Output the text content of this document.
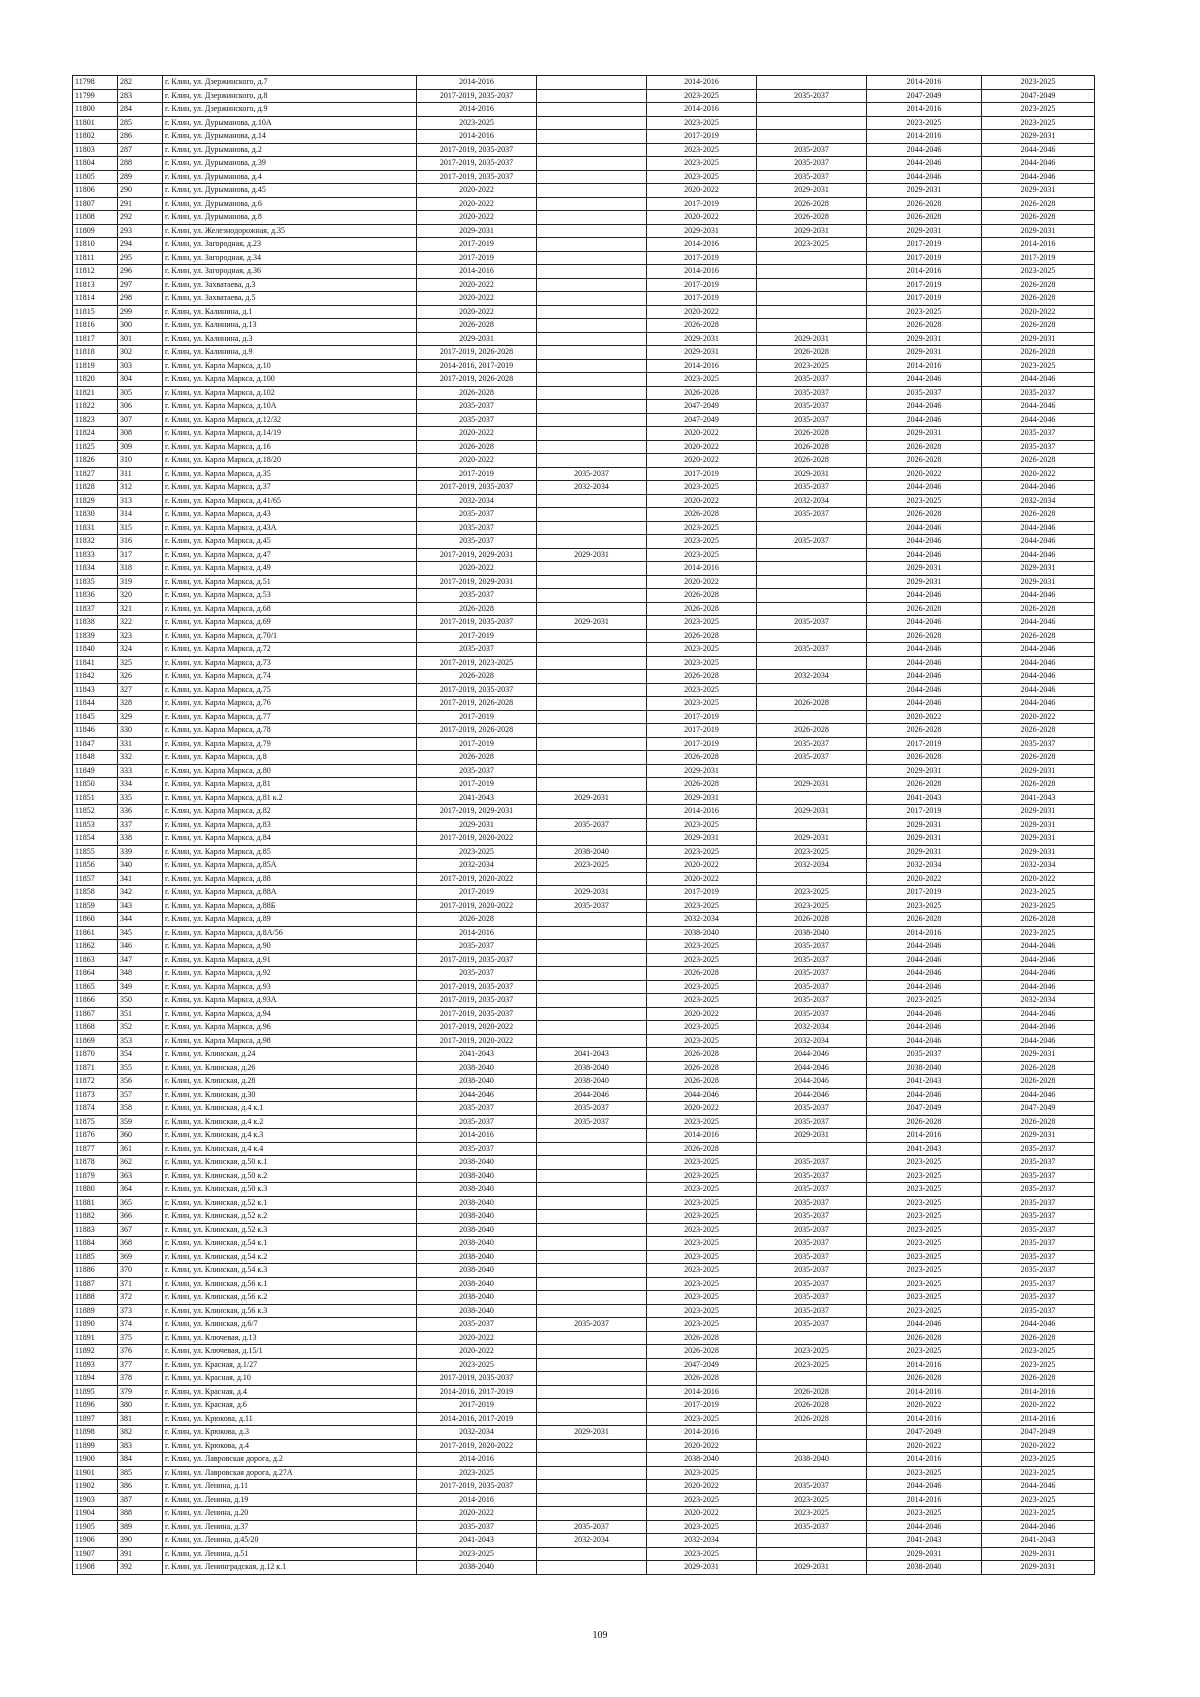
11798	282	г. Клин, ул. Дзержинского, д.7	2014-2016		2014-2016		2014-2016	2023-2025
11799	283	г. Клин, ул. Дзержинского, д.8	2017-2019, 2035-2037		2023-2025	2035-2037	2047-2049	2047-2049
11800	284	г. Клин, ул. Дзержинского, д.9	2014-2016		2014-2016		2014-2016	2023-2025
11801	285	г. Клин, ул. Дурыманова, д.10А	2023-2025		2023-2025		2023-2025	2023-2025
11802	286	г. Клин, ул. Дурыманова, д.14	2014-2016		2017-2019		2014-2016	2029-2031
11803	287	г. Клин, ул. Дурыманова, д.2	2017-2019, 2035-2037		2023-2025	2035-2037	2044-2046	2044-2046
11804	288	г. Клин, ул. Дурыманова, д.39	2017-2019, 2035-2037		2023-2025	2035-2037	2044-2046	2044-2046
11805	289	г. Клин, ул. Дурыманова, д.4	2017-2019, 2035-2037		2023-2025	2035-2037	2044-2046	2044-2046
11806	290	г. Клин, ул. Дурыманова, д.45	2020-2022		2020-2022	2029-2031	2029-2031	2029-2031
11807	291	г. Клин, ул. Дурыманова, д.6	2020-2022		2017-2019	2026-2028	2026-2028	2026-2028
11808	292	г. Клин, ул. Дурыманова, д.8	2020-2022		2020-2022	2026-2028	2026-2028	2026-2028
11809	293	г. Клин, ул. Железнодорожная, д.35	2029-2031		2029-2031	2029-2031	2029-2031	2029-2031
11810	294	г. Клин, ул. Загородная, д.23	2017-2019		2014-2016	2023-2025	2017-2019	2014-2016
11811	295	г. Клин, ул. Загородная, д.34	2017-2019		2017-2019		2017-2019	2017-2019
11812	296	г. Клин, ул. Загородная, д.36	2014-2016		2014-2016		2014-2016	2023-2025
11813	297	г. Клин, ул. Захватаева, д.3	2020-2022		2017-2019		2017-2019	2026-2028
11814	298	г. Клин, ул. Захватаева, д.5	2020-2022		2017-2019		2017-2019	2026-2028
11815	299	г. Клин, ул. Калинина, д.1	2020-2022		2020-2022		2023-2025	2020-2022
11816	300	г. Клин, ул. Калинина, д.13	2026-2028		2026-2028		2026-2028	2026-2028
11817	301	г. Клин, ул. Калинина, д.3	2029-2031		2029-2031	2029-2031	2029-2031	2029-2031
11818	302	г. Клин, ул. Калинина, д.9	2017-2019, 2026-2028		2029-2031	2026-2028	2029-2031	2026-2028
11819	303	г. Клин, ул. Карла Маркса, д.10	2014-2016, 2017-2019		2014-2016	2023-2025	2014-2016	2023-2025
11820	304	г. Клин, ул. Карла Маркса, д.100	2017-2019, 2026-2028		2023-2025	2035-2037	2044-2046	2044-2046
11821	305	г. Клин, ул. Карла Маркса, д.102	2026-2028		2026-2028	2035-2037	2035-2037	2035-2037
11822	306	г. Клин, ул. Карла Маркса, д.10А	2035-2037		2047-2049	2035-2037	2044-2046	2044-2046
11823	307	г. Клин, ул. Карла Маркса, д.12/32	2035-2037		2047-2049	2035-2037	2044-2046	2044-2046
11824	308	г. Клин, ул. Карла Маркса, д.14/19	2020-2022		2020-2022	2026-2028	2029-2031	2035-2037
11825	309	г. Клин, ул. Карла Маркса, д.16	2026-2028		2020-2022	2026-2028	2026-2028	2035-2037
11826	310	г. Клин, ул. Карла Маркса, д.18/20	2020-2022		2020-2022	2026-2028	2026-2028	2026-2028
11827	311	г. Клин, ул. Карла Маркса, д.35	2017-2019	2035-2037	2017-2019	2029-2031	2020-2022	2020-2022
11828	312	г. Клин, ул. Карла Маркса, д.37	2017-2019, 2035-2037	2032-2034	2023-2025	2035-2037	2044-2046	2044-2046
11829	313	г. Клин, ул. Карла Маркса, д.41/65	2032-2034		2020-2022	2032-2034	2023-2025	2032-2034
11830	314	г. Клин, ул. Карла Маркса, д.43	2035-2037		2026-2028	2035-2037	2026-2028	2026-2028
11831	315	г. Клин, ул. Карла Маркса, д.43А	2035-2037		2023-2025		2044-2046	2044-2046
11832	316	г. Клин, ул. Карла Маркса, д.45	2035-2037		2023-2025	2035-2037	2044-2046	2044-2046
11833	317	г. Клин, ул. Карла Маркса, д.47	2017-2019, 2029-2031	2029-2031	2023-2025		2044-2046	2044-2046
11834	318	г. Клин, ул. Карла Маркса, д.49	2020-2022		2014-2016		2029-2031	2029-2031
11835	319	г. Клин, ул. Карла Маркса, д.51	2017-2019, 2029-2031		2020-2022		2029-2031	2029-2031
11836	320	г. Клин, ул. Карла Маркса, д.53	2035-2037		2026-2028		2044-2046	2044-2046
11837	321	г. Клин, ул. Карла Маркса, д.68	2026-2028		2026-2028		2026-2028	2026-2028
11838	322	г. Клин, ул. Карла Маркса, д.69	2017-2019, 2035-2037	2029-2031	2023-2025	2035-2037	2044-2046	2044-2046
11839	323	г. Клин, ул. Карла Маркса, д.70/1	2017-2019		2026-2028		2026-2028	2026-2028
11840	324	г. Клин, ул. Карла Маркса, д.72	2035-2037		2023-2025	2035-2037	2044-2046	2044-2046
11841	325	г. Клин, ул. Карла Маркса, д.73	2017-2019, 2023-2025		2023-2025		2044-2046	2044-2046
11842	326	г. Клин, ул. Карла Маркса, д.74	2026-2028		2026-2028	2032-2034	2044-2046	2044-2046
11843	327	г. Клин, ул. Карла Маркса, д.75	2017-2019, 2035-2037		2023-2025		2044-2046	2044-2046
11844	328	г. Клин, ул. Карла Маркса, д.76	2017-2019, 2026-2028		2023-2025	2026-2028	2044-2046	2044-2046
11845	329	г. Клин, ул. Карла Маркса, д.77	2017-2019		2017-2019		2020-2022	2020-2022
11846	330	г. Клин, ул. Карла Маркса, д.78	2017-2019, 2026-2028		2017-2019	2026-2028	2026-2028	2026-2028
11847	331	г. Клин, ул. Карла Маркса, д.79	2017-2019		2017-2019	2035-2037	2017-2019	2035-2037
11848	332	г. Клин, ул. Карла Маркса, д.8	2026-2028		2026-2028	2035-2037	2026-2028	2026-2028
11849	333	г. Клин, ул. Карла Маркса, д.80	2035-2037		2029-2031		2029-2031	2029-2031
11850	334	г. Клин, ул. Карла Маркса, д.81	2017-2019		2026-2028	2029-2031	2026-2028	2026-2028
11851	335	г. Клин, ул. Карла Маркса, д.81 к.2	2041-2043	2029-2031	2029-2031		2041-2043	2041-2043
11852	336	г. Клин, ул. Карла Маркса, д.82	2017-2019, 2029-2031		2014-2016	2029-2031	2017-2019	2029-2031
11853	337	г. Клин, ул. Карла Маркса, д.83	2029-2031	2035-2037	2023-2025		2029-2031	2029-2031
11854	338	г. Клин, ул. Карла Маркса, д.84	2017-2019, 2020-2022		2029-2031	2029-2031	2029-2031	2029-2031
11855	339	г. Клин, ул. Карла Маркса, д.85	2023-2025	2038-2040	2023-2025	2023-2025	2029-2031	2029-2031
11856	340	г. Клин, ул. Карла Маркса, д.85А	2032-2034	2023-2025	2020-2022	2032-2034	2032-2034	2032-2034
11857	341	г. Клин, ул. Карла Маркса, д.88	2017-2019, 2020-2022		2020-2022		2020-2022	2020-2022
11858	342	г. Клин, ул. Карла Маркса, д.88А	2017-2019	2029-2031	2017-2019	2023-2025	2017-2019	2023-2025
11859	343	г. Клин, ул. Карла Маркса, д.88Б	2017-2019, 2020-2022	2035-2037	2023-2025	2023-2025	2023-2025	2023-2025
11860	344	г. Клин, ул. Карла Маркса, д.89	2026-2028		2032-2034	2026-2028	2026-2028	2026-2028
11861	345	г. Клин, ул. Карла Маркса, д.8А/56	2014-2016		2038-2040	2038-2040	2014-2016	2023-2025
11862	346	г. Клин, ул. Карла Маркса, д.90	2035-2037		2023-2025	2035-2037	2044-2046	2044-2046
11863	347	г. Клин, ул. Карла Маркса, д.91	2017-2019, 2035-2037		2023-2025	2035-2037	2044-2046	2044-2046
11864	348	г. Клин, ул. Карла Маркса, д.92	2035-2037		2026-2028	2035-2037	2044-2046	2044-2046
11865	349	г. Клин, ул. Карла Маркса, д.93	2017-2019, 2035-2037		2023-2025	2035-2037	2044-2046	2044-2046
11866	350	г. Клин, ул. Карла Маркса, д.93А	2017-2019, 2035-2037		2023-2025	2035-2037	2023-2025	2032-2034
11867	351	г. Клин, ул. Карла Маркса, д.94	2017-2019, 2035-2037		2020-2022	2035-2037	2044-2046	2044-2046
11868	352	г. Клин, ул. Карла Маркса, д.96	2017-2019, 2020-2022		2023-2025	2032-2034	2044-2046	2044-2046
11869	353	г. Клин, ул. Карла Маркса, д.98	2017-2019, 2020-2022		2023-2025	2032-2034	2044-2046	2044-2046
11870	354	г. Клин, ул. Клинская, д.24	2041-2043	2041-2043	2026-2028	2044-2046	2035-2037	2029-2031
11871	355	г. Клин, ул. Клинская, д.26	2038-2040	2038-2040	2026-2028	2044-2046	2038-2040	2026-2028
11872	356	г. Клин, ул. Клинская, д.28	2038-2040	2038-2040	2026-2028	2044-2046	2041-2043	2026-2028
11873	357	г. Клин, ул. Клинская, д.30	2044-2046	2044-2046	2044-2046	2044-2046	2044-2046	2044-2046
11874	358	г. Клин, ул. Клинская, д.4 к.1	2035-2037	2035-2037	2020-2022	2035-2037	2047-2049	2047-2049
11875	359	г. Клин, ул. Клинская, д.4 к.2	2035-2037	2035-2037	2023-2025	2035-2037	2026-2028	2026-2028
11876	360	г. Клин, ул. Клинская, д.4 к.3	2014-2016		2014-2016	2029-2031	2014-2016	2029-2031
11877	361	г. Клин, ул. Клинская, д.4 к.4	2035-2037		2026-2028		2041-2043	2035-2037
11878	362	г. Клин, ул. Клинская, д.50 к.1	2038-2040		2023-2025	2035-2037	2023-2025	2035-2037
11879	363	г. Клин, ул. Клинская, д.50 к.2	2038-2040		2023-2025	2035-2037	2023-2025	2035-2037
11880	364	г. Клин, ул. Клинская, д.50 к.3	2038-2040		2023-2025	2035-2037	2023-2025	2035-2037
11881	365	г. Клин, ул. Клинская, д.52 к.1	2038-2040		2023-2025	2035-2037	2023-2025	2035-2037
11882	366	г. Клин, ул. Клинская, д.52 к.2	2038-2040		2023-2025	2035-2037	2023-2025	2035-2037
11883	367	г. Клин, ул. Клинская, д.52 к.3	2038-2040		2023-2025	2035-2037	2023-2025	2035-2037
11884	368	г. Клин, ул. Клинская, д.54 к.1	2038-2040		2023-2025	2035-2037	2023-2025	2035-2037
11885	369	г. Клин, ул. Клинская, д.54 к.2	2038-2040		2023-2025	2035-2037	2023-2025	2035-2037
11886	370	г. Клин, ул. Клинская, д.54 к.3	2038-2040		2023-2025	2035-2037	2023-2025	2035-2037
11887	371	г. Клин, ул. Клинская, д.56 к.1	2038-2040		2023-2025	2035-2037	2023-2025	2035-2037
11888	372	г. Клин, ул. Клинская, д.56 к.2	2038-2040		2023-2025	2035-2037	2023-2025	2035-2037
11889	373	г. Клин, ул. Клинская, д.56 к.3	2038-2040		2023-2025	2035-2037	2023-2025	2035-2037
11890	374	г. Клин, ул. Клинская, д.6/7	2035-2037	2035-2037	2023-2025	2035-2037	2044-2046	2044-2046
11891	375	г. Клин, ул. Ключевая, д.13	2020-2022		2026-2028		2026-2028	2026-2028
11892	376	г. Клин, ул. Ключевая, д.15/1	2020-2022		2026-2028	2023-2025	2023-2025	2023-2025
11893	377	г. Клин, ул. Красная, д.1/27	2023-2025		2047-2049	2023-2025	2014-2016	2023-2025
11894	378	г. Клин, ул. Красная, д.10	2017-2019, 2035-2037		2026-2028		2026-2028	2026-2028
11895	379	г. Клин, ул. Красная, д.4	2014-2016, 2017-2019		2014-2016	2026-2028	2014-2016	2014-2016
11896	380	г. Клин, ул. Красная, д.6	2017-2019		2017-2019	2026-2028	2020-2022	2020-2022
11897	381	г. Клин, ул. Крюкова, д.11	2014-2016, 2017-2019		2023-2025	2026-2028	2014-2016	2014-2016
11898	382	г. Клин, ул. Крюкова, д.3	2032-2034	2029-2031	2014-2016		2047-2049	2047-2049
11899	383	г. Клин, ул. Крюкова, д.4	2017-2019, 2020-2022		2020-2022		2020-2022	2020-2022
11900	384	г. Клин, ул. Лавровская дорога, д.2	2014-2016		2038-2040	2038-2040	2014-2016	2023-2025
11901	385	г. Клин, ул. Лавровская дорога, д.27А	2023-2025		2023-2025		2023-2025	2023-2025
11902	386	г. Клин, ул. Ленина, д.11	2017-2019, 2035-2037		2020-2022	2035-2037	2044-2046	2044-2046
11903	387	г. Клин, ул. Ленина, д.19	2014-2016		2023-2025	2023-2025	2014-2016	2023-2025
11904	388	г. Клин, ул. Ленина, д.20	2020-2022		2020-2022	2023-2025	2023-2025	2023-2025
11905	389	г. Клин, ул. Ленина, д.37	2035-2037	2035-2037	2023-2025	2035-2037	2044-2046	2044-2046
11906	390	г. Клин, ул. Ленина, д.45/20	2041-2043	2032-2034	2032-2034		2041-2043	2041-2043
11907	391	г. Клин, ул. Ленина, д.51	2023-2025		2023-2025		2029-2031	2029-2031
11908	392	г. Клин, ул. Ленинградская, д.12 к.1	2038-2040		2029-2031	2029-2031	2038-2040	2029-2031
109
